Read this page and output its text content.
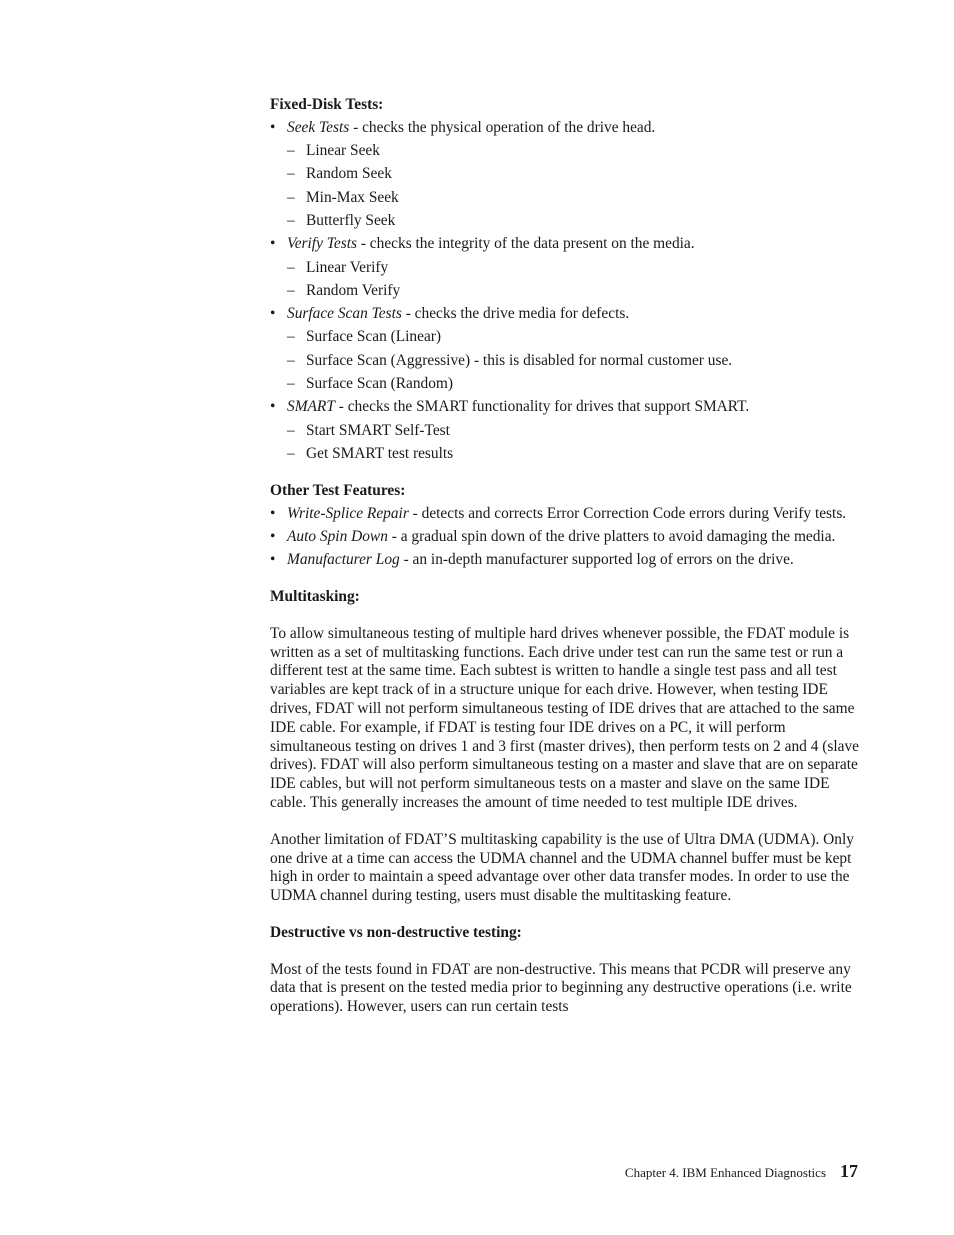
Fixed-Disk Tests:
• Seek Tests - checks the physical operation of the drive head.
– Linear Seek
– Random Seek
– Min-Max Seek
– Butterfly Seek
• Verify Tests - checks the integrity of the data present on the media.
– Linear Verify
– Random Verify
• Surface Scan Tests - checks the drive media for defects.
– Surface Scan (Linear)
– Surface Scan (Aggressive) - this is disabled for normal customer use.
– Surface Scan (Random)
• SMART - checks the SMART functionality for drives that support SMART.
– Start SMART Self-Test
– Get SMART test results
Other Test Features:
• Write-Splice Repair - detects and corrects Error Correction Code errors during Verify tests.
• Auto Spin Down - a gradual spin down of the drive platters to avoid damaging the media.
• Manufacturer Log - an in-depth manufacturer supported log of errors on the drive.
Multitasking:

To allow simultaneous testing of multiple hard drives whenever possible, the FDAT module is written as a set of multitasking functions. Each drive under test can run the same test or run a different test at the same time. Each subtest is written to handle a single test pass and all test variables are kept track of in a structure unique for each drive. However, when testing IDE drives, FDAT will not perform simultaneous testing of IDE drives that are attached to the same IDE cable. For example, if FDAT is testing four IDE drives on a PC, it will perform simultaneous testing on drives 1 and 3 first (master drives), then perform tests on 2 and 4 (slave drives). FDAT will also perform simultaneous testing on a master and slave that are on separate IDE cables, but will not perform simultaneous tests on a master and slave on the same IDE cable. This generally increases the amount of time needed to test multiple IDE drives.

Another limitation of FDAT’S multitasking capability is the use of Ultra DMA (UDMA). Only one drive at a time can access the UDMA channel and the UDMA channel buffer must be kept high in order to maintain a speed advantage over other data transfer modes. In order to use the UDMA channel during testing, users must disable the multitasking feature.

Destructive vs non-destructive testing:

Most of the tests found in FDAT are non-destructive. This means that PCDR will preserve any data that is present on the tested media prior to beginning any destructive operations (i.e. write operations). However, users can run certain tests

Chapter 4. IBM Enhanced Diagnostics 17
